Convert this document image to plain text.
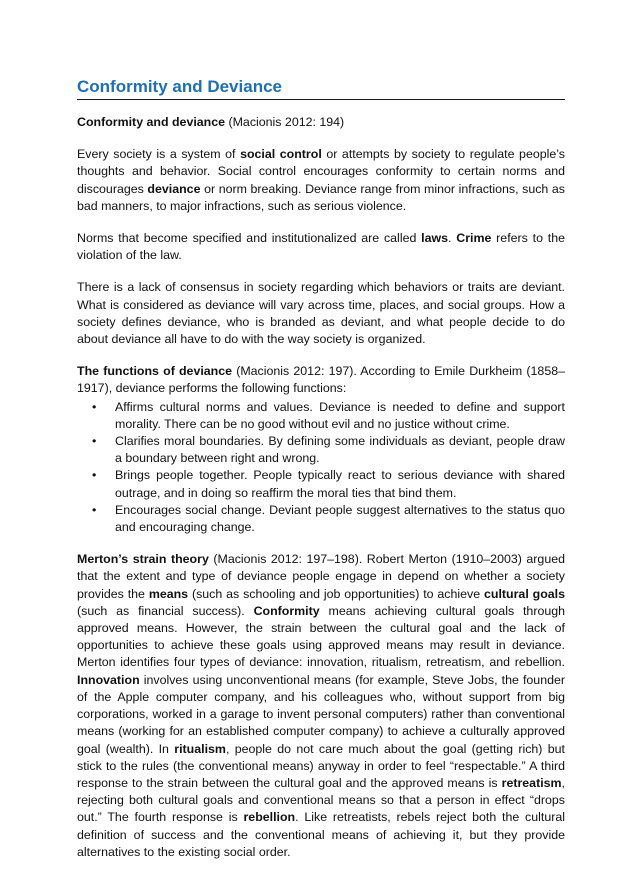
Conformity and Deviance

Conformity and deviance (Macionis 2012: 194)

Every society is a system of social control or attempts by society to regulate people’s thoughts and behavior. Social control encourages conformity to certain norms and discourages deviance or norm breaking. Deviance range from minor infractions, such as bad manners, to major infractions, such as serious violence.

Norms that become specified and institutionalized are called laws. Crime refers to the violation of the law.

There is a lack of consensus in society regarding which behaviors or traits are deviant. What is considered as deviance will vary across time, places, and social groups. How a society defines deviance, who is branded as deviant, and what people decide to do about deviance all have to do with the way society is organized.

The functions of deviance (Macionis 2012: 197). According to Emile Durkheim (1858–1917), deviance performs the following functions:

• Affirms cultural norms and values. Deviance is needed to define and support morality. There can be no good without evil and no justice without crime.
• Clarifies moral boundaries. By defining some individuals as deviant, people draw a boundary between right and wrong.
• Brings people together. People typically react to serious deviance with shared outrage, and in doing so reaffirm the moral ties that bind them.
• Encourages social change. Deviant people suggest alternatives to the status quo and encouraging change.

Merton’s strain theory (Macionis 2012: 197–198). Robert Merton (1910–2003) argued that the extent and type of deviance people engage in depend on whether a society provides the means (such as schooling and job opportunities) to achieve cultural goals (such as financial success). Conformity means achieving cultural goals through approved means. However, the strain between the cultural goal and the lack of opportunities to achieve these goals using approved means may result in deviance. Merton identifies four types of deviance: innovation, ritualism, retreatism, and rebellion. Innovation involves using unconventional means (for example, Steve Jobs, the founder of the Apple computer company, and his colleagues who, without support from big corporations, worked in a garage to invent personal computers) rather than conventional means (working for an established computer company) to achieve a culturally approved goal (wealth). In ritualism, people do not care much about the goal (getting rich) but stick to the rules (the conventional means) anyway in order to feel “respectable.” A third response to the strain between the cultural goal and the approved means is retreatism, rejecting both cultural goals and conventional means so that a person in effect “drops out.” The fourth response is rebellion. Like retreatists, rebels reject both the cultural definition of success and the conventional means of achieving it, but they provide alternatives to the existing social order.
